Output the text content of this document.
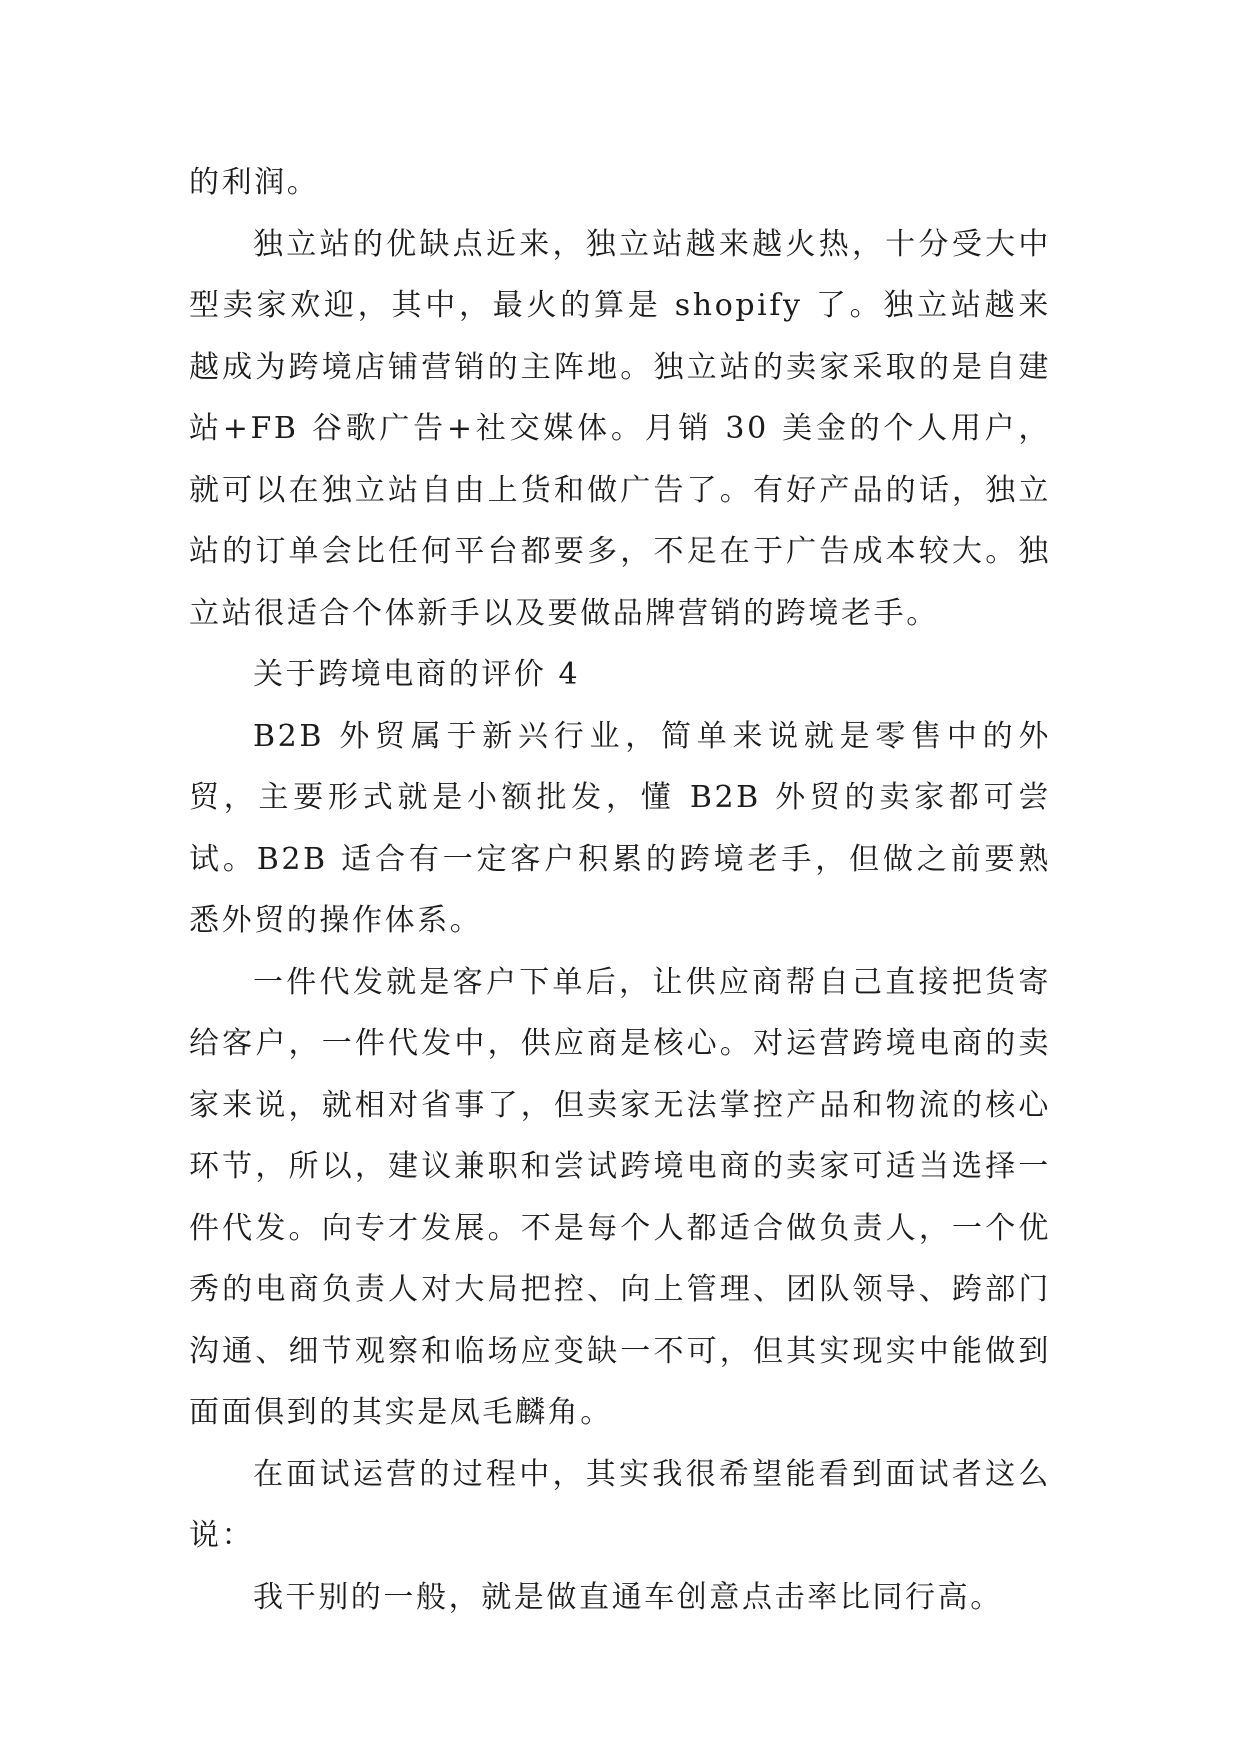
的利润。

独立站的优缺点近来，独立站越来越火热，十分受大中型卖家欢迎，其中，最火的算是 shopify 了。独立站越来越成为跨境店铺营销的主阵地。独立站的卖家采取的是自建站+FB 谷歌广告+社交媒体。月销 30 美金的个人用户，就可以在独立站自由上货和做广告了。有好产品的话，独立站的订单会比任何平台都要多，不足在于广告成本较大。独立站很适合个体新手以及要做品牌营销的跨境老手。

关于跨境电商的评价 4

B2B 外贸属于新兴行业，简单来说就是零售中的外贸，主要形式就是小额批发，懂 B2B 外贸的卖家都可尝试。B2B 适合有一定客户积累的跨境老手，但做之前要熟悉外贸的操作体系。

一件代发就是客户下单后，让供应商帮自己直接把货寄给客户，一件代发中，供应商是核心。对运营跨境电商的卖家来说，就相对省事了，但卖家无法掌控产品和物流的核心环节，所以，建议兼职和尝试跨境电商的卖家可适当选择一件代发。向专才发展。不是每个人都适合做负责人，一个优秀的电商负责人对大局把控、向上管理、团队领导、跨部门沟通、细节观察和临场应变缺一不可，但其实现实中能做到面面俱到的其实是凤毛麟角。

在面试运营的过程中，其实我很希望能看到面试者这么说：

我干别的一般，就是做直通车创意点击率比同行高。
